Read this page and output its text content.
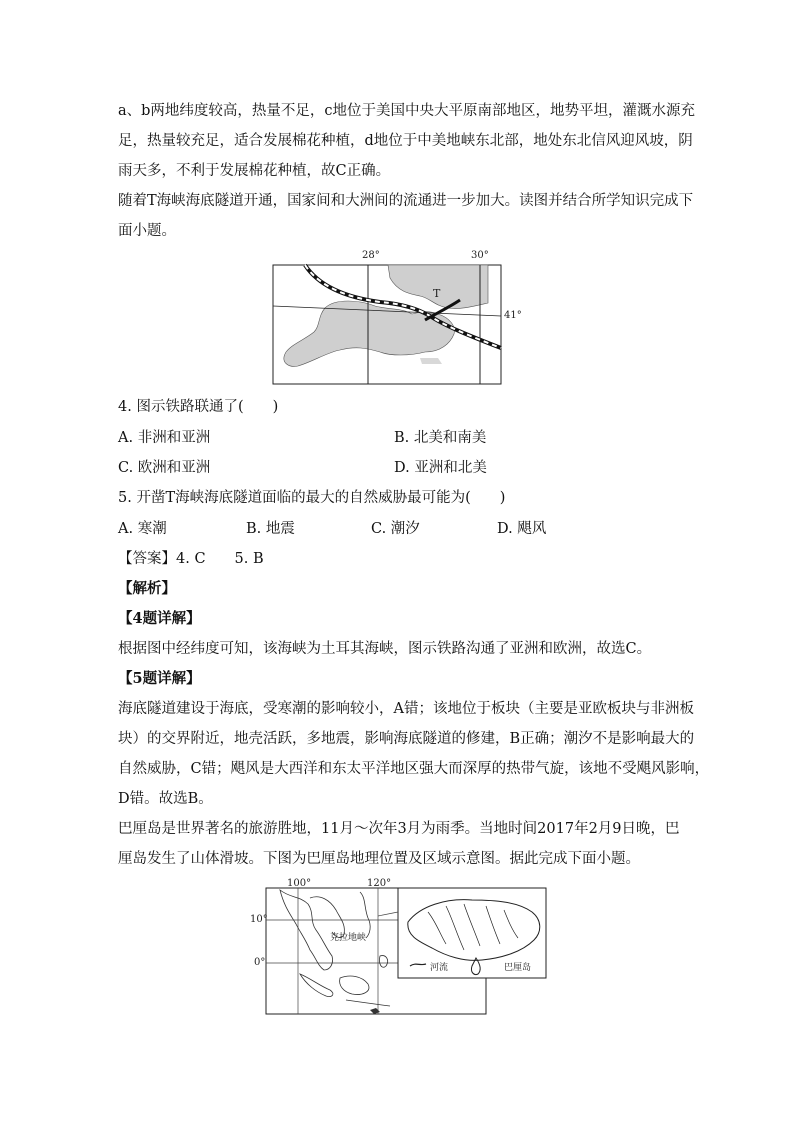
a、b两地纬度较高，热量不足，c地位于美国中央大平原南部地区，地势平坦，灌溉水源充
足，热量较充足，适合发展棉花种植，d地位于中美地峡东北部，地处东北信风迎风坡，阴
雨天多，不利于发展棉花种植，故C正确。
随着T海峡海底隧道开通，国家间和大洲间的流通进一步加大。读图并结合所学知识完成下
面小题。
28°	30°
41°
T
4. 图示铁路联通了(　　)
A. 非洲和亚洲	B. 北美和南美
C. 欧洲和亚洲	D. 亚洲和北美
5. 开凿T海峡海底隧道面临的最大的自然威胁最可能为(　　)
A. 寒潮	B. 地震	C. 潮汐	D. 飓风
【答案】4. C　　5. B
【解析】
【4题详解】
根据图中经纬度可知，该海峡为土耳其海峡，图示铁路沟通了亚洲和欧洲，故选C。
【5题详解】
海底隧道建设于海底，受寒潮的影响较小，A错；该地位于板块（主要是亚欧板块与非洲板
块）的交界附近，地壳活跃，多地震，影响海底隧道的修建，B正确；潮汐不是影响最大的
自然威胁，C错；飓风是大西洋和东太平洋地区强大而深厚的热带气旋，该地不受飓风影响，
D错。故选B。
巴厘岛是世界著名的旅游胜地，11月～次年3月为雨季。当地时间2017年2月9日晚，巴
厘岛发生了山体滑坡。下图为巴厘岛地理位置及区域示意图。据此完成下面小题。
100°	120°
10°
0°
克拉地峡
河流	巴厘岛
